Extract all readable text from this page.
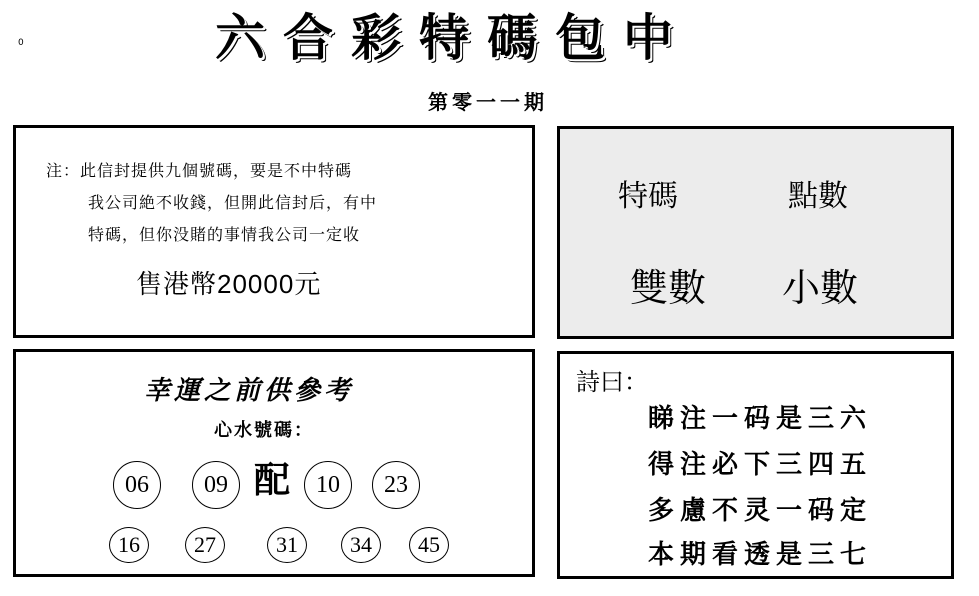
0	六合彩特碼包中
第零一一期
注：此信封提供九個號碼，要是不中特碼
我公司絶不收錢，但開此信封后，有中
特碼，但你没賭的事情我公司一定收
售港幣20000元
特碼	點數
雙數 小數
幸運之前供參考
心水號碼：
配
06	09	10	23
16	27	31	34	45
詩曰：
睇注一码是三六
得注必下三四五
多慮不灵一码定
本期看透是三七
